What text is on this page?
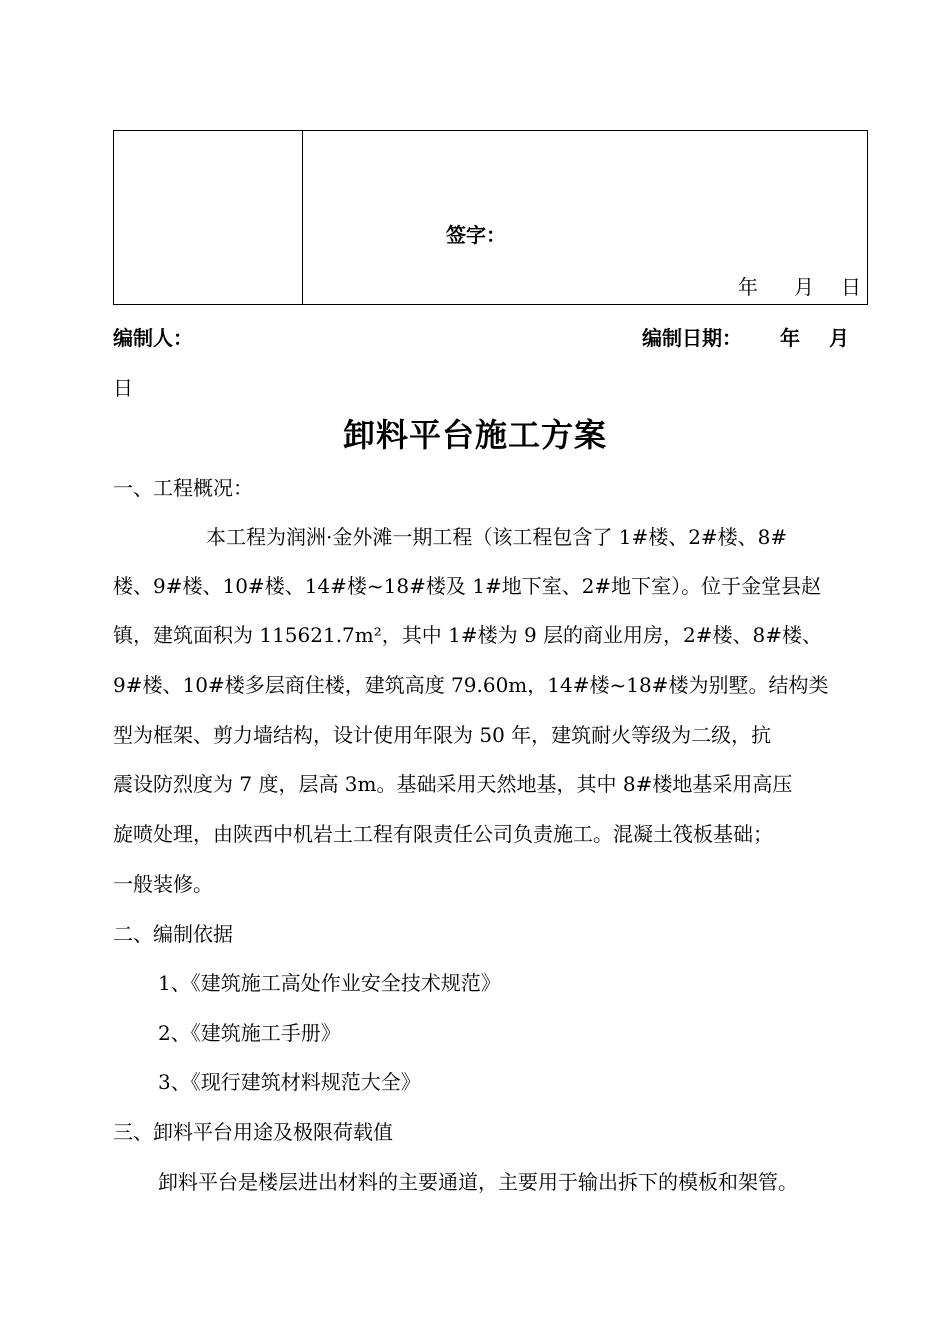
签字：
年 月 日
编制人：	编制日期： 年 月
日
卸料平台施工方案
一、工程概况：
本工程为润洲·金外滩一期工程（该工程包含了 1#楼、2#楼、8#
楼、9#楼、10#楼、14#楼~18#楼及 1#地下室、2#地下室）。位于金堂县赵
镇，建筑面积为 115621.7m²，其中 1#楼为 9 层的商业用房，2#楼、8#楼、
9#楼、10#楼多层商住楼，建筑高度 79.60m，14#楼~18#楼为别墅。结构类
型为框架、剪力墙结构，设计使用年限为 50 年，建筑耐火等级为二级，抗
震设防烈度为 7 度，层高 3m。基础采用天然地基，其中 8#楼地基采用高压
旋喷处理，由陕西中机岩土工程有限责任公司负责施工。混凝土筏板基础；
一般装修。
二、编制依据
1、《建筑施工高处作业安全技术规范》
2、《建筑施工手册》
3、《现行建筑材料规范大全》
三、卸料平台用途及极限荷载值
卸料平台是楼层进出材料的主要通道，主要用于输出拆下的模板和架管。
